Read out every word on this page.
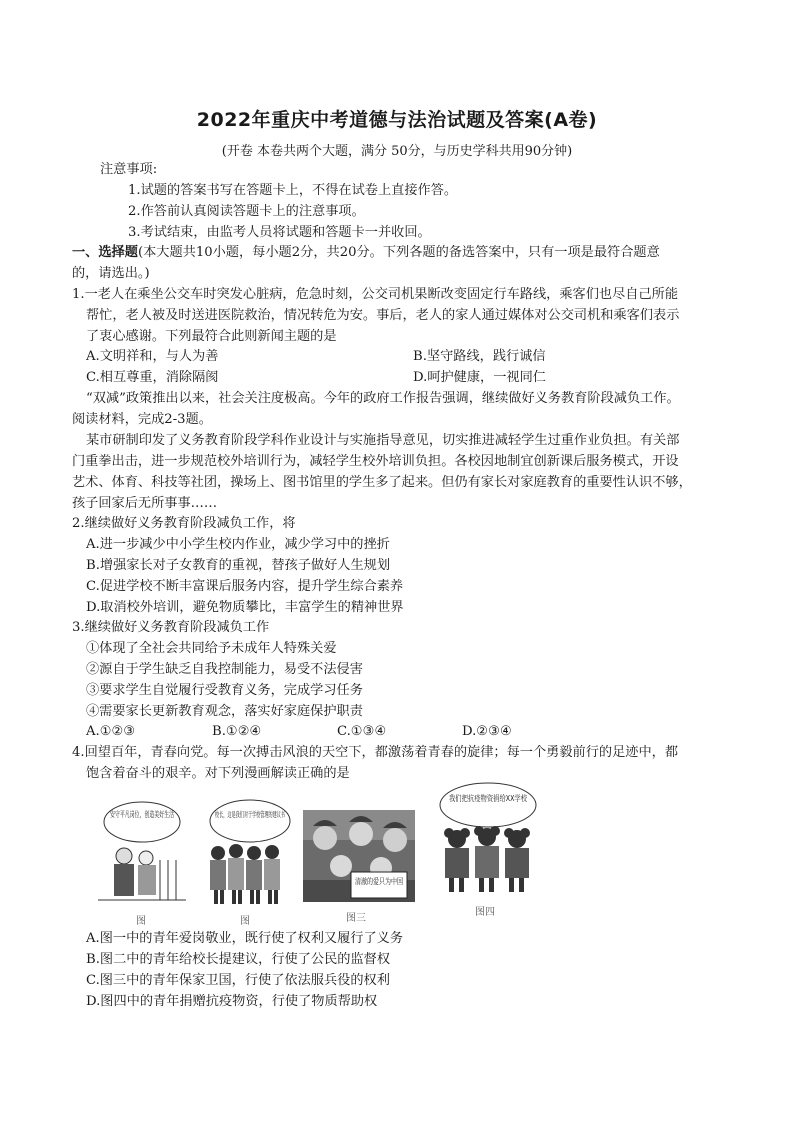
2022年重庆中考道德与法治试题及答案(A卷)
(开卷 本卷共两个大题，满分 50分，与历史学科共用90分钟)
注意事项:
1.试题的答案书写在答题卡上，不得在试卷上直接作答。
2.作答前认真阅读答题卡上的注意事项。
3.考试结束，由监考人员将试题和答题卡一并收回。
一、选择题(本大题共10小题，每小题2分，共20分。下列各题的备选答案中，只有一项是最符合题意
的，请选出。)
1.一老人在乘坐公交车时突发心脏病，危急时刻，公交司机果断改变固定行车路线，乘客们也尽自己所能
帮忙，老人被及时送进医院救治，情况转危为安。事后，老人的家人通过媒体对公交司机和乘客们表示
了衷心感谢。下列最符合此则新闻主题的是
A.文明祥和，与人为善	B.坚守路线，践行诚信
C.相互尊重，消除隔阂	D.呵护健康，一视同仁
“双减”政策推出以来，社会关注度极高。今年的政府工作报告强调，继续做好义务教育阶段减负工作。
阅读材料，完成2-3题。
某市研制印发了义务教育阶段学科作业设计与实施指导意见，切实推进减轻学生过重作业负担。有关部
门重拳出击，进一步规范校外培训行为，减轻学生校外培训负担。各校因地制宜创新课后服务模式，开设
艺术、体育、科技等社团，操场上、图书馆里的学生多了起来。但仍有家长对家庭教育的重要性认识不够，
孩子回家后无所事事……
2.继续做好义务教育阶段减负工作，将
A.进一步减少中小学生校内作业，减少学习中的挫折
B.增强家长对子女教育的重视，替孩子做好人生规划
C.促进学校不断丰富课后服务内容，提升学生综合素养
D.取消校外培训，避免物质攀比，丰富学生的精神世界
3.继续做好义务教育阶段减负工作
①体现了全社会共同给予未成年人特殊关爱
②源自于学生缺乏自我控制能力，易受不法侵害
③要求学生自觉履行受教育义务，完成学习任务
④需要家长更新教育观念，落实好家庭保护职责
A.①②③	B.①②④	C.①③④	D.②③④
4.回望百年，青春向党。每一次搏击风浪的天空下，都激荡着青春的旋律；每一个勇毅前行的足迹中，都
饱含着奋斗的艰辛。对下列漫画解读正确的是
安守平凡岗位，创造美好生活
图
校长，这是我们对于学校管理的建议书
图
清澈的爱只为中国
图三
我们把抗疫物资捐给XX学校
图四
A.图一中的青年爱岗敬业，既行使了权利又履行了义务
B.图二中的青年给校长提建议，行使了公民的监督权
C.图三中的青年保家卫国，行使了依法服兵役的权利
D.图四中的青年捐赠抗疫物资，行使了物质帮助权
